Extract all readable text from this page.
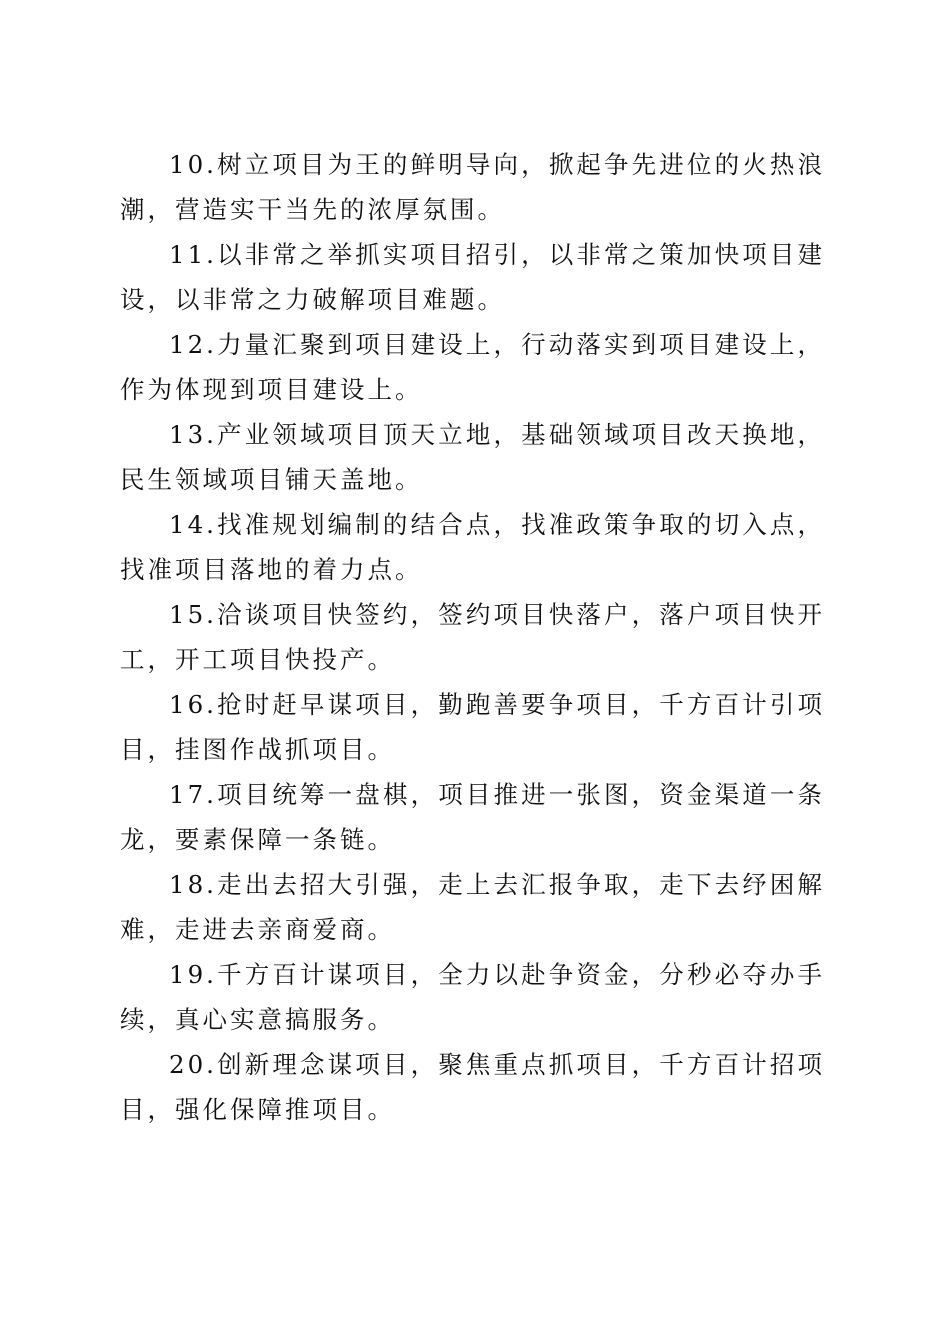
10.树立项目为王的鲜明导向，掀起争先进位的火热浪潮，营造实干当先的浓厚氛围。

11.以非常之举抓实项目招引，以非常之策加快项目建设，以非常之力破解项目难题。

12.力量汇聚到项目建设上，行动落实到项目建设上，作为体现到项目建设上。

13.产业领域项目顶天立地，基础领域项目改天换地，民生领域项目铺天盖地。

14.找准规划编制的结合点，找准政策争取的切入点，找准项目落地的着力点。

15.洽谈项目快签约，签约项目快落户，落户项目快开工，开工项目快投产。

16.抢时赶早谋项目，勤跑善要争项目，千方百计引项目，挂图作战抓项目。

17.项目统筹一盘棋，项目推进一张图，资金渠道一条龙，要素保障一条链。

18.走出去招大引强，走上去汇报争取，走下去纾困解难，走进去亲商爱商。

19.千方百计谋项目，全力以赴争资金，分秒必夺办手续，真心实意搞服务。

20.创新理念谋项目，聚焦重点抓项目，千方百计招项目，强化保障推项目。
